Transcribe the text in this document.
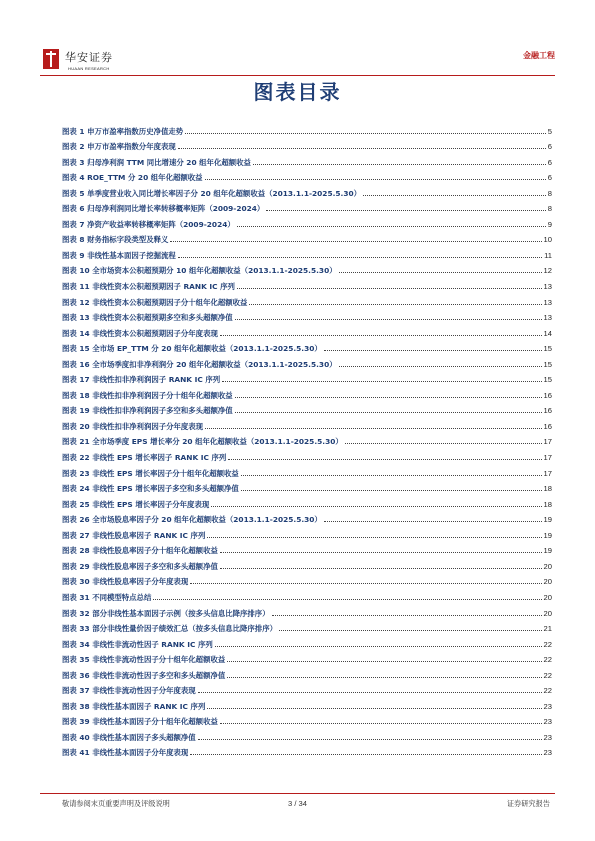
华安证券
HUAAN RESEARCH
金融工程
图表目录
图表 1 申万市盈率指数历史净值走势	5
图表 2 申万市盈率指数分年度表现	6
图表 3 归母净利润 TTM 同比增速分 20 组年化超额收益	6
图表 4 ROE_TTM 分 20 组年化超额收益	6
图表 5 单季度营业收入同比增长率因子分 20 组年化超额收益（2013.1.1-2025.5.30）	8
图表 6 归母净利润同比增长率转移概率矩阵（2009-2024）	8
图表 7 净资产收益率转移概率矩阵（2009-2024）	9
图表 8 财务指标字段类型及释义	10
图表 9 非线性基本面因子挖掘流程	11
图表 10 全市场资本公积超预期分 10 组年化超额收益（2013.1.1-2025.5.30）	12
图表 11 非线性资本公积超预期因子 RANK IC 序列	13
图表 12 非线性资本公积超预期因子分十组年化超额收益	13
图表 13 非线性资本公积超预期多空和多头超额净值	13
图表 14 非线性资本公积超预期因子分年度表现	14
图表 15 全市场 EP_TTM 分 20 组年化超额收益（2013.1.1-2025.5.30）	15
图表 16 全市场季度扣非净利润分 20 组年化超额收益（2013.1.1-2025.5.30）	15
图表 17 非线性扣非净利润因子 RANK IC 序列	15
图表 18 非线性扣非净利润因子分十组年化超额收益	16
图表 19 非线性扣非净利润因子多空和多头超额净值	16
图表 20 非线性扣非净利润因子分年度表现	16
图表 21 全市场季度 EPS 增长率分 20 组年化超额收益（2013.1.1-2025.5.30）	17
图表 22 非线性 EPS 增长率因子 RANK IC 序列	17
图表 23 非线性 EPS 增长率因子分十组年化超额收益	17
图表 24 非线性 EPS 增长率因子多空和多头超额净值	18
图表 25 非线性 EPS 增长率因子分年度表现	18
图表 26 全市场股息率因子分 20 组年化超额收益（2013.1.1-2025.5.30）	19
图表 27 非线性股息率因子 RANK IC 序列	19
图表 28 非线性股息率因子分十组年化超额收益	19
图表 29 非线性股息率因子多空和多头超额净值	20
图表 30 非线性股息率因子分年度表现	20
图表 31 不同模型特点总结	20
图表 32 部分非线性基本面因子示例（按多头信息比降序排序）	20
图表 33 部分非线性量价因子绩效汇总（按多头信息比降序排序）	21
图表 34 非线性非流动性因子 RANK IC 序列	22
图表 35 非线性非流动性因子分十组年化超额收益	22
图表 36 非线性非流动性因子多空和多头超额净值	22
图表 37 非线性非流动性因子分年度表现	22
图表 38 非线性基本面因子 RANK IC 序列	23
图表 39 非线性基本面因子分十组年化超额收益	23
图表 40 非线性基本面因子多头超额净值	23
图表 41 非线性基本面因子分年度表现	23
敬请参阅末页重要声明及评级说明	3 / 34	证券研究报告
